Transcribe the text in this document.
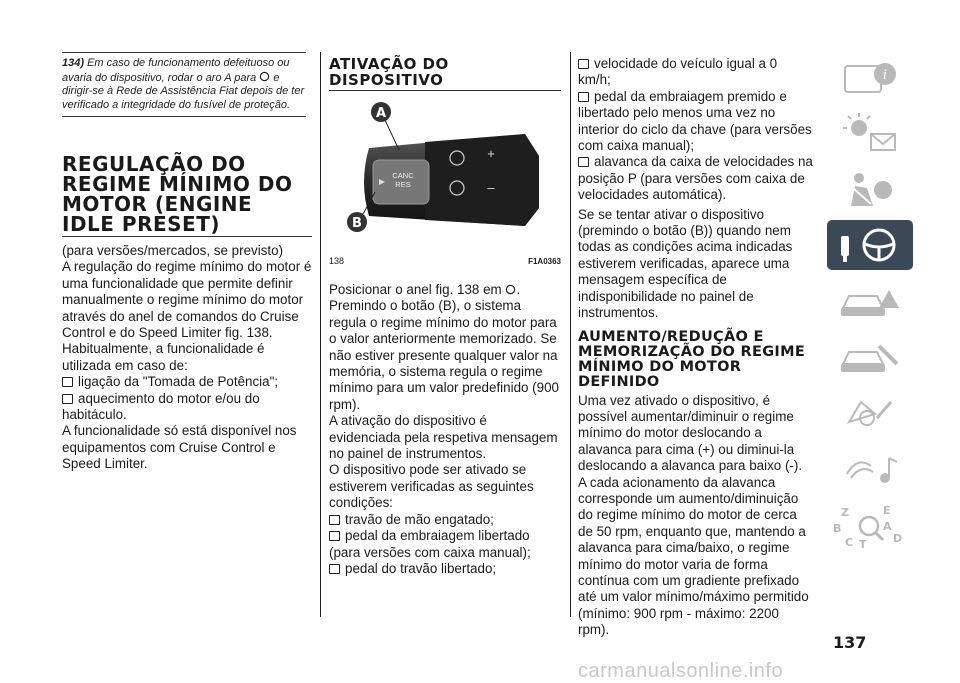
134) Em caso de funcionamento defeituoso ou avaria do dispositivo, rodar o aro A para e dirigir-se à Rede de Assistência Fiat depois de ter verificado a integridade do fusível de proteção.
REGULAÇÃO DO REGIME MÍNIMO DO MOTOR (ENGINE IDLE PRESET)

(para versões/mercados, se previsto)

A regulação do regime mínimo do motor é uma funcionalidade que permite definir manualmente o regime mínimo do motor através do anel de comandos do Cruise Control e do Speed Limiter fig. 138. Habitualmente, a funcionalidade é utilizada em caso de:

ligação da "Tomada de Potência";

aquecimento do motor e/ou do habitáculo.

A funcionalidade só está disponível nos equipamentos com Cruise Control e Speed Limiter.

ATIVAÇÃO DO DISPOSITIVO
CANC
RES
+
–
A
B
138	F1A0363

Posicionar o anel fig. 138 em . Premindo o botão (B), o sistema regula o regime mínimo do motor para o valor anteriormente memorizado. Se não estiver presente qualquer valor na memória, o sistema regula o regime mínimo para um valor predefinido (900 rpm).

A ativação do dispositivo é evidenciada pela respetiva mensagem no painel de instrumentos.

O dispositivo pode ser ativado se estiverem verificadas as seguintes condições:

travão de mão engatado;

pedal da embraiagem libertado (para versões com caixa manual);

pedal do travão libertado;

velocidade do veículo igual a 0 km/h;

pedal da embraiagem premido e libertado pelo menos uma vez no interior do ciclo da chave (para versões com caixa manual);

alavanca da caixa de velocidades na posição P (para versões com caixa de velocidades automática).

Se se tentar ativar o dispositivo (premindo o botão (B)) quando nem todas as condições acima indicadas estiverem verificadas, aparece uma mensagem específica de indisponibilidade no painel de instrumentos.

AUMENTO/REDUÇÃO E MEMORIZAÇÃO DO REGIME MÍNIMO DO MOTOR DEFINIDO

Uma vez ativado o dispositivo, é possível aumentar/diminuir o regime mínimo do motor deslocando a alavanca para cima (+) ou diminui-la deslocando a alavanca para baixo (-). A cada acionamento da alavanca corresponde um aumento/diminuição do regime mínimo do motor de cerca de 50 rpm, enquanto que, mantendo a alavanca para cima/baixo, o regime mínimo do motor varia de forma contínua com um gradiente prefixado até um valor mínimo/máximo permitido (mínimo: 900 rpm - máximo: 2200 rpm).

i
Z	E
B	A
C T D
137
carmanualsonline.info
